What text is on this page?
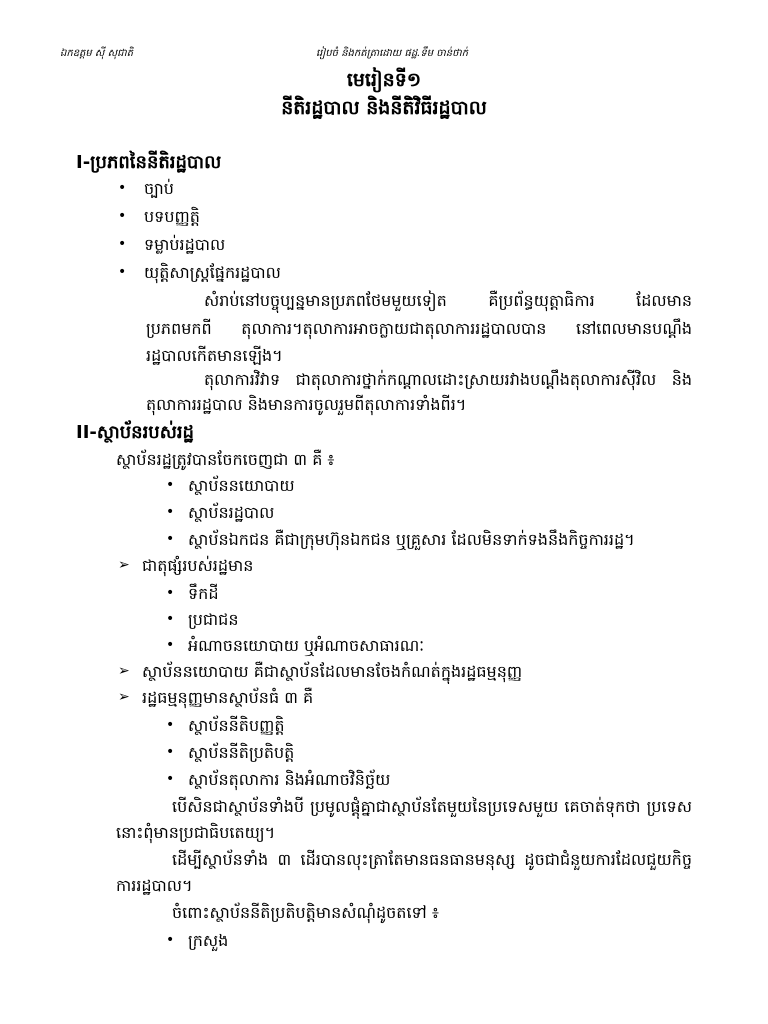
ឯកឧត្តម ស៊ី សុជាតិ	រៀបចំ និងកត់ត្រាដោយ ផដ្ឋ.ទឹម ចាន់ថាក់
មេរៀនទី១
នីតិរដ្ឋបាល និងនីតិវិធីរដ្ឋបាល
I-ប្រភពនៃនីតិរដ្ឋបាល
• ច្បាប់
• បទបញ្ញត្តិ
• ទម្លាប់រដ្ឋបាល
• យុត្តិសាស្ត្រផ្នែករដ្ឋបាល
សំរាប់នៅបច្ចុប្បន្នមានប្រភពថែមមួយទៀត គឺប្រព័ន្ធយុត្តាធិការ ដែលមាន
ប្រភពមកពី តុលាការ។តុលាការអាចក្លាយជាតុលាការរដ្ឋបាលបាន នៅពេលមានបណ្តឹង
រដ្ឋបាលកើតមានឡើង។
តុលាការវិវាទ ជាតុលាការថ្នាក់កណ្តាលដោះស្រាយរវាងបណ្តឹងតុលាការស៊ីវិល និង
តុលាការរដ្ឋបាល និងមានការចូលរួមពីតុលាការទាំងពីរ។
II-ស្ថាប័នរបស់រដ្ឋ
ស្ថាប័នរដ្ឋត្រូវបានចែកចេញជា ៣ គឺ ៖
• ស្ថាប័ននយោបាយ
• ស្ថាប័នរដ្ឋបាល
• ស្ថាប័នឯកជន គឺជាក្រុមហ៊ុនឯកជន ឬគ្រួសារ ដែលមិនទាក់ទងនឹងកិច្ចការរដ្ឋ។
➢ ជាតុផ្សំរបស់រដ្ឋមាន
• ទឹកដី
• ប្រជាជន
• អំណាចនយោបាយ ឬអំណាចសាធារណៈ
➢ ស្ថាប័ននយោបាយ គឺជាស្ថាប័នដែលមានចែងកំណត់ក្នុងរដ្ឋធម្មនុញ្ញ
➢ រដ្ឋធម្មនុញ្ញមានស្ថាប័នធំ ៣ គឺ
• ស្ថាប័ននីតិបញ្ញត្តិ
• ស្ថាប័ននីតិប្រតិបត្តិ
• ស្ថាប័នតុលាការ និងអំណាចវិនិច្ឆ័យ
បើសិនជាស្ថាប័នទាំងបី ប្រមូលផ្តុំគ្នាជាស្ថាប័នតែមួយនៃប្រទេសមួយ គេចាត់ទុកថា ប្រទេស
នោះពុំមានប្រជាធិបតេយ្យ។
ដើម្បីស្ថាប័នទាំង ៣ ដើរបានលុះត្រាតែមានធនធានមនុស្ស ដូចជាជំនួយការដែលជួយកិច្ច
ការរដ្ឋបាល។
ចំពោះស្ថាប័ននីតិប្រតិបត្តិមានសំណុំដូចតទៅ ៖
• ក្រសួង
